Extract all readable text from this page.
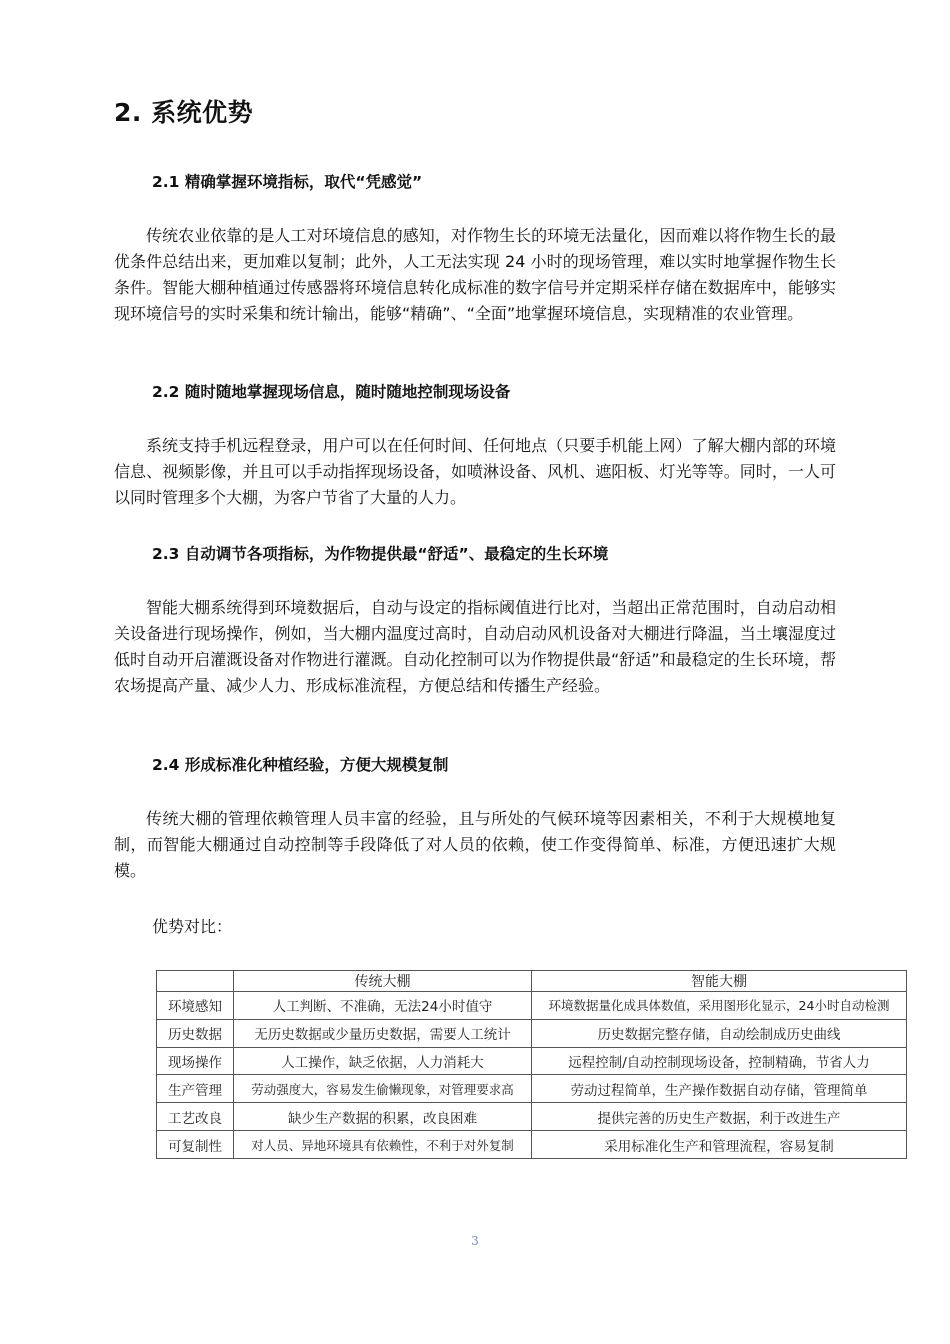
2. 系统优势
2.1 精确掌握环境指标，取代“凭感觉”
传统农业依靠的是人工对环境信息的感知，对作物生长的环境无法量化，因而难以将作物生长的最优条件总结出来，更加难以复制；此外，人工无法实现 24 小时的现场管理，难以实时地掌握作物生长条件。智能大棚种植通过传感器将环境信息转化成标准的数字信号并定期采样存储在数据库中，能够实现环境信号的实时采集和统计输出，能够“精确”、“全面”地掌握环境信息，实现精准的农业管理。
2.2 随时随地掌握现场信息，随时随地控制现场设备
系统支持手机远程登录，用户可以在任何时间、任何地点（只要手机能上网）了解大棚内部的环境信息、视频影像，并且可以手动指挥现场设备，如喷淋设备、风机、遮阳板、灯光等等。同时，一人可以同时管理多个大棚，为客户节省了大量的人力。
2.3 自动调节各项指标，为作物提供最“舒适”、最稳定的生长环境
智能大棚系统得到环境数据后，自动与设定的指标阈值进行比对，当超出正常范围时，自动启动相关设备进行现场操作，例如，当大棚内温度过高时，自动启动风机设备对大棚进行降温，当土壤湿度过低时自动开启灌溉设备对作物进行灌溉。自动化控制可以为作物提供最“舒适”和最稳定的生长环境，帮农场提高产量、减少人力、形成标准流程，方便总结和传播生产经验。
2.4 形成标准化种植经验，方便大规模复制
传统大棚的管理依赖管理人员丰富的经验，且与所处的气候环境等因素相关，不利于大规模地复制，而智能大棚通过自动控制等手段降低了对人员的依赖，使工作变得简单、标准，方便迅速扩大规模。
优势对比：
	传统大棚	智能大棚
环境感知	人工判断、不准确，无法24小时值守	环境数据量化成具体数值，采用图形化显示，24小时自动检测
历史数据	无历史数据或少量历史数据，需要人工统计	历史数据完整存储，自动绘制成历史曲线
现场操作	人工操作，缺乏依据，人力消耗大	远程控制/自动控制现场设备，控制精确，节省人力
生产管理	劳动强度大，容易发生偷懒现象，对管理要求高	劳动过程简单，生产操作数据自动存储，管理简单
工艺改良	缺少生产数据的积累，改良困难	提供完善的历史生产数据，利于改进生产
可复制性	对人员、异地环境具有依赖性，不利于对外复制	采用标准化生产和管理流程，容易复制
3
